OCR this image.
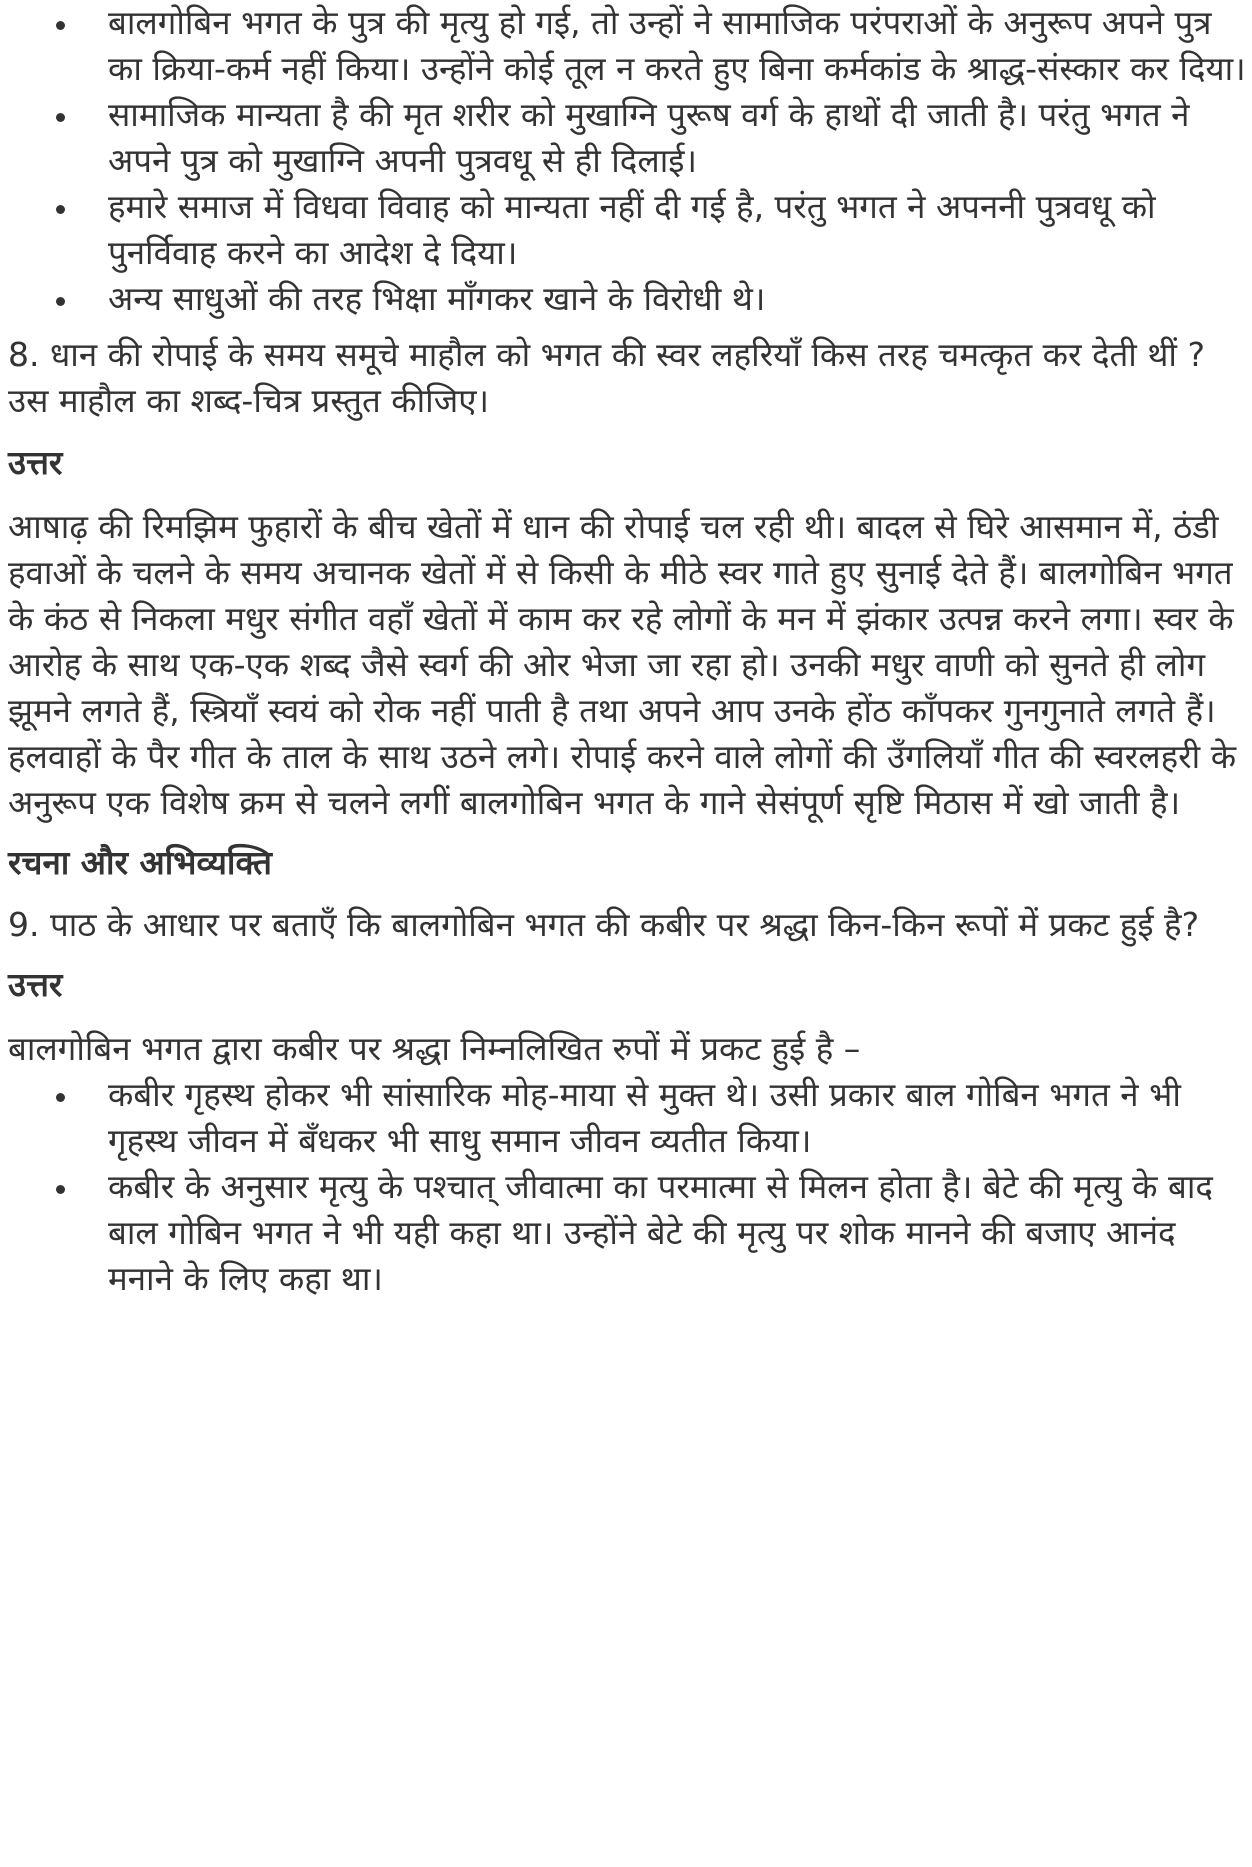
बालगोबिन भगत के पुत्र की मृत्यु हो गई, तो उन्हों ने सामाजिक परंपराओं के अनुरूप अपने पुत्र का क्रिया-कर्म नहीं किया। उन्होंने कोई तूल न करते हुए बिना कर्मकांड के श्राद्ध-संस्कार कर दिया।
सामाजिक मान्यता है की मृत शरीर को मुखाग्नि पुरूष वर्ग के हाथों दी जाती है। परंतु भगत ने अपने पुत्र को मुखाग्नि अपनी पुत्रवधू से ही दिलाई।
हमारे समाज में विधवा विवाह को मान्यता नहीं दी गई है, परंतु भगत ने अपननी पुत्रवधू को पुनर्विवाह करने का आदेश दे दिया।
अन्य साधुओं की तरह भिक्षा माँगकर खाने के विरोधी थे।

8. धान की रोपाई के समय समूचे माहौल को भगत की स्वर लहरियाँ किस तरह चमत्कृत कर देती थीं ? उस माहौल का शब्द-चित्र प्रस्तुत कीजिए।

उत्तर

आषाढ़ की रिमझिम फुहारों के बीच खेतों में धान की रोपाई चल रही थी। बादल से घिरे आसमान में, ठंडी हवाओं के चलने के समय अचानक खेतों में से किसी के मीठे स्वर गाते हुए सुनाई देते हैं। बालगोबिन भगत के कंठ से निकला मधुर संगीत वहाँ खेतों में काम कर रहे लोगों के मन में झंकार उत्पन्न करने लगा। स्वर के आरोह के साथ एक-एक शब्द जैसे स्वर्ग की ओर भेजा जा रहा हो। उनकी मधुर वाणी को सुनते ही लोग झूमने लगते हैं, स्त्रियाँ स्वयं को रोक नहीं पाती है तथा अपने आप उनके होंठ काँपकर गुनगुनाते लगते हैं। हलवाहों के पैर गीत के ताल के साथ उठने लगे। रोपाई करने वाले लोगों की उँगलियाँ गीत की स्वरलहरी के अनुरूप एक विशेष क्रम से चलने लगीं बालगोबिन भगत के गाने सेसंपूर्ण सृष्टि मिठास में खो जाती है।

रचना और अभिव्यक्ति

9. पाठ के आधार पर बताएँ कि बालगोबिन भगत की कबीर पर श्रद्धा किन-किन रूपों में प्रकट हुई है?

उत्तर

बालगोबिन भगत द्वारा कबीर पर श्रद्धा निम्नलिखित रुपों में प्रकट हुई है –

कबीर गृहस्थ होकर भी सांसारिक मोह-माया से मुक्त थे। उसी प्रकार बाल गोबिन भगत ने भी गृहस्थ जीवन में बँधकर भी साधु समान जीवन व्यतीत किया।
कबीर के अनुसार मृत्यु के पश्चात् जीवात्मा का परमात्मा से मिलन होता है। बेटे की मृत्यु के बाद बाल गोबिन भगत ने भी यही कहा था। उन्होंने बेटे की मृत्यु पर शोक मानने की बजाए आनंद मनाने के लिए कहा था।
